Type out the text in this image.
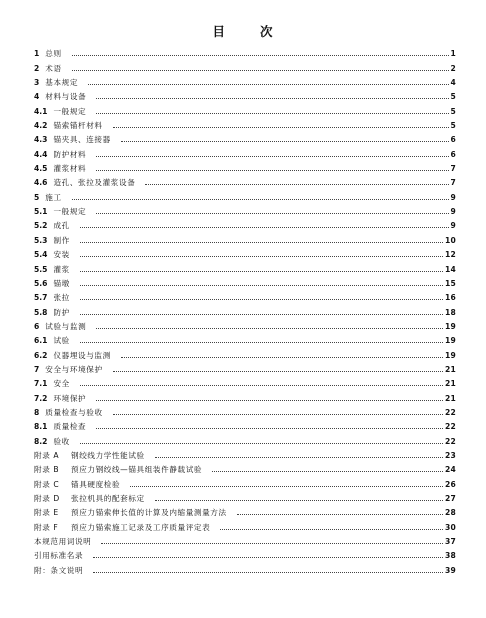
目	次
1 总则	1
2 术语	2
3 基本规定	4
4 材料与设备	5
4.1 一般规定	5
4.2 锚索锚杆材料	5
4.3 锚夹具、连接器	6
4.4 防护材料	6
4.5 灌浆材料	7
4.6 造孔、张拉及灌浆设备	7
5 施工	9
5.1 一般规定	9
5.2 成孔	9
5.3 制作	10
5.4 安装	12
5.5 灌浆	14
5.6 锚墩	15
5.7 张拉	16
5.8 防护	18
6 试验与监测	19
6.1 试验	19
6.2 仪器埋设与监测	19
7 安全与环境保护	21
7.1 安全	21
7.2 环境保护	21
8 质量检查与验收	22
8.1 质量检查	22
8.2 验收	22
附录 A	钢绞线力学性能试验	23
附录 B	预应力钢绞线—锚具组装件静载试验	24
附录 C	锚具硬度检验	26
附录 D	张拉机具的配套标定	27
附录 E	预应力锚索伸长值的计算及内缩量测量方法	28
附录 F	预应力锚索施工记录及工序质量评定表	30
本规范用词说明	37
引用标准名录	38
附：条文说明	39
